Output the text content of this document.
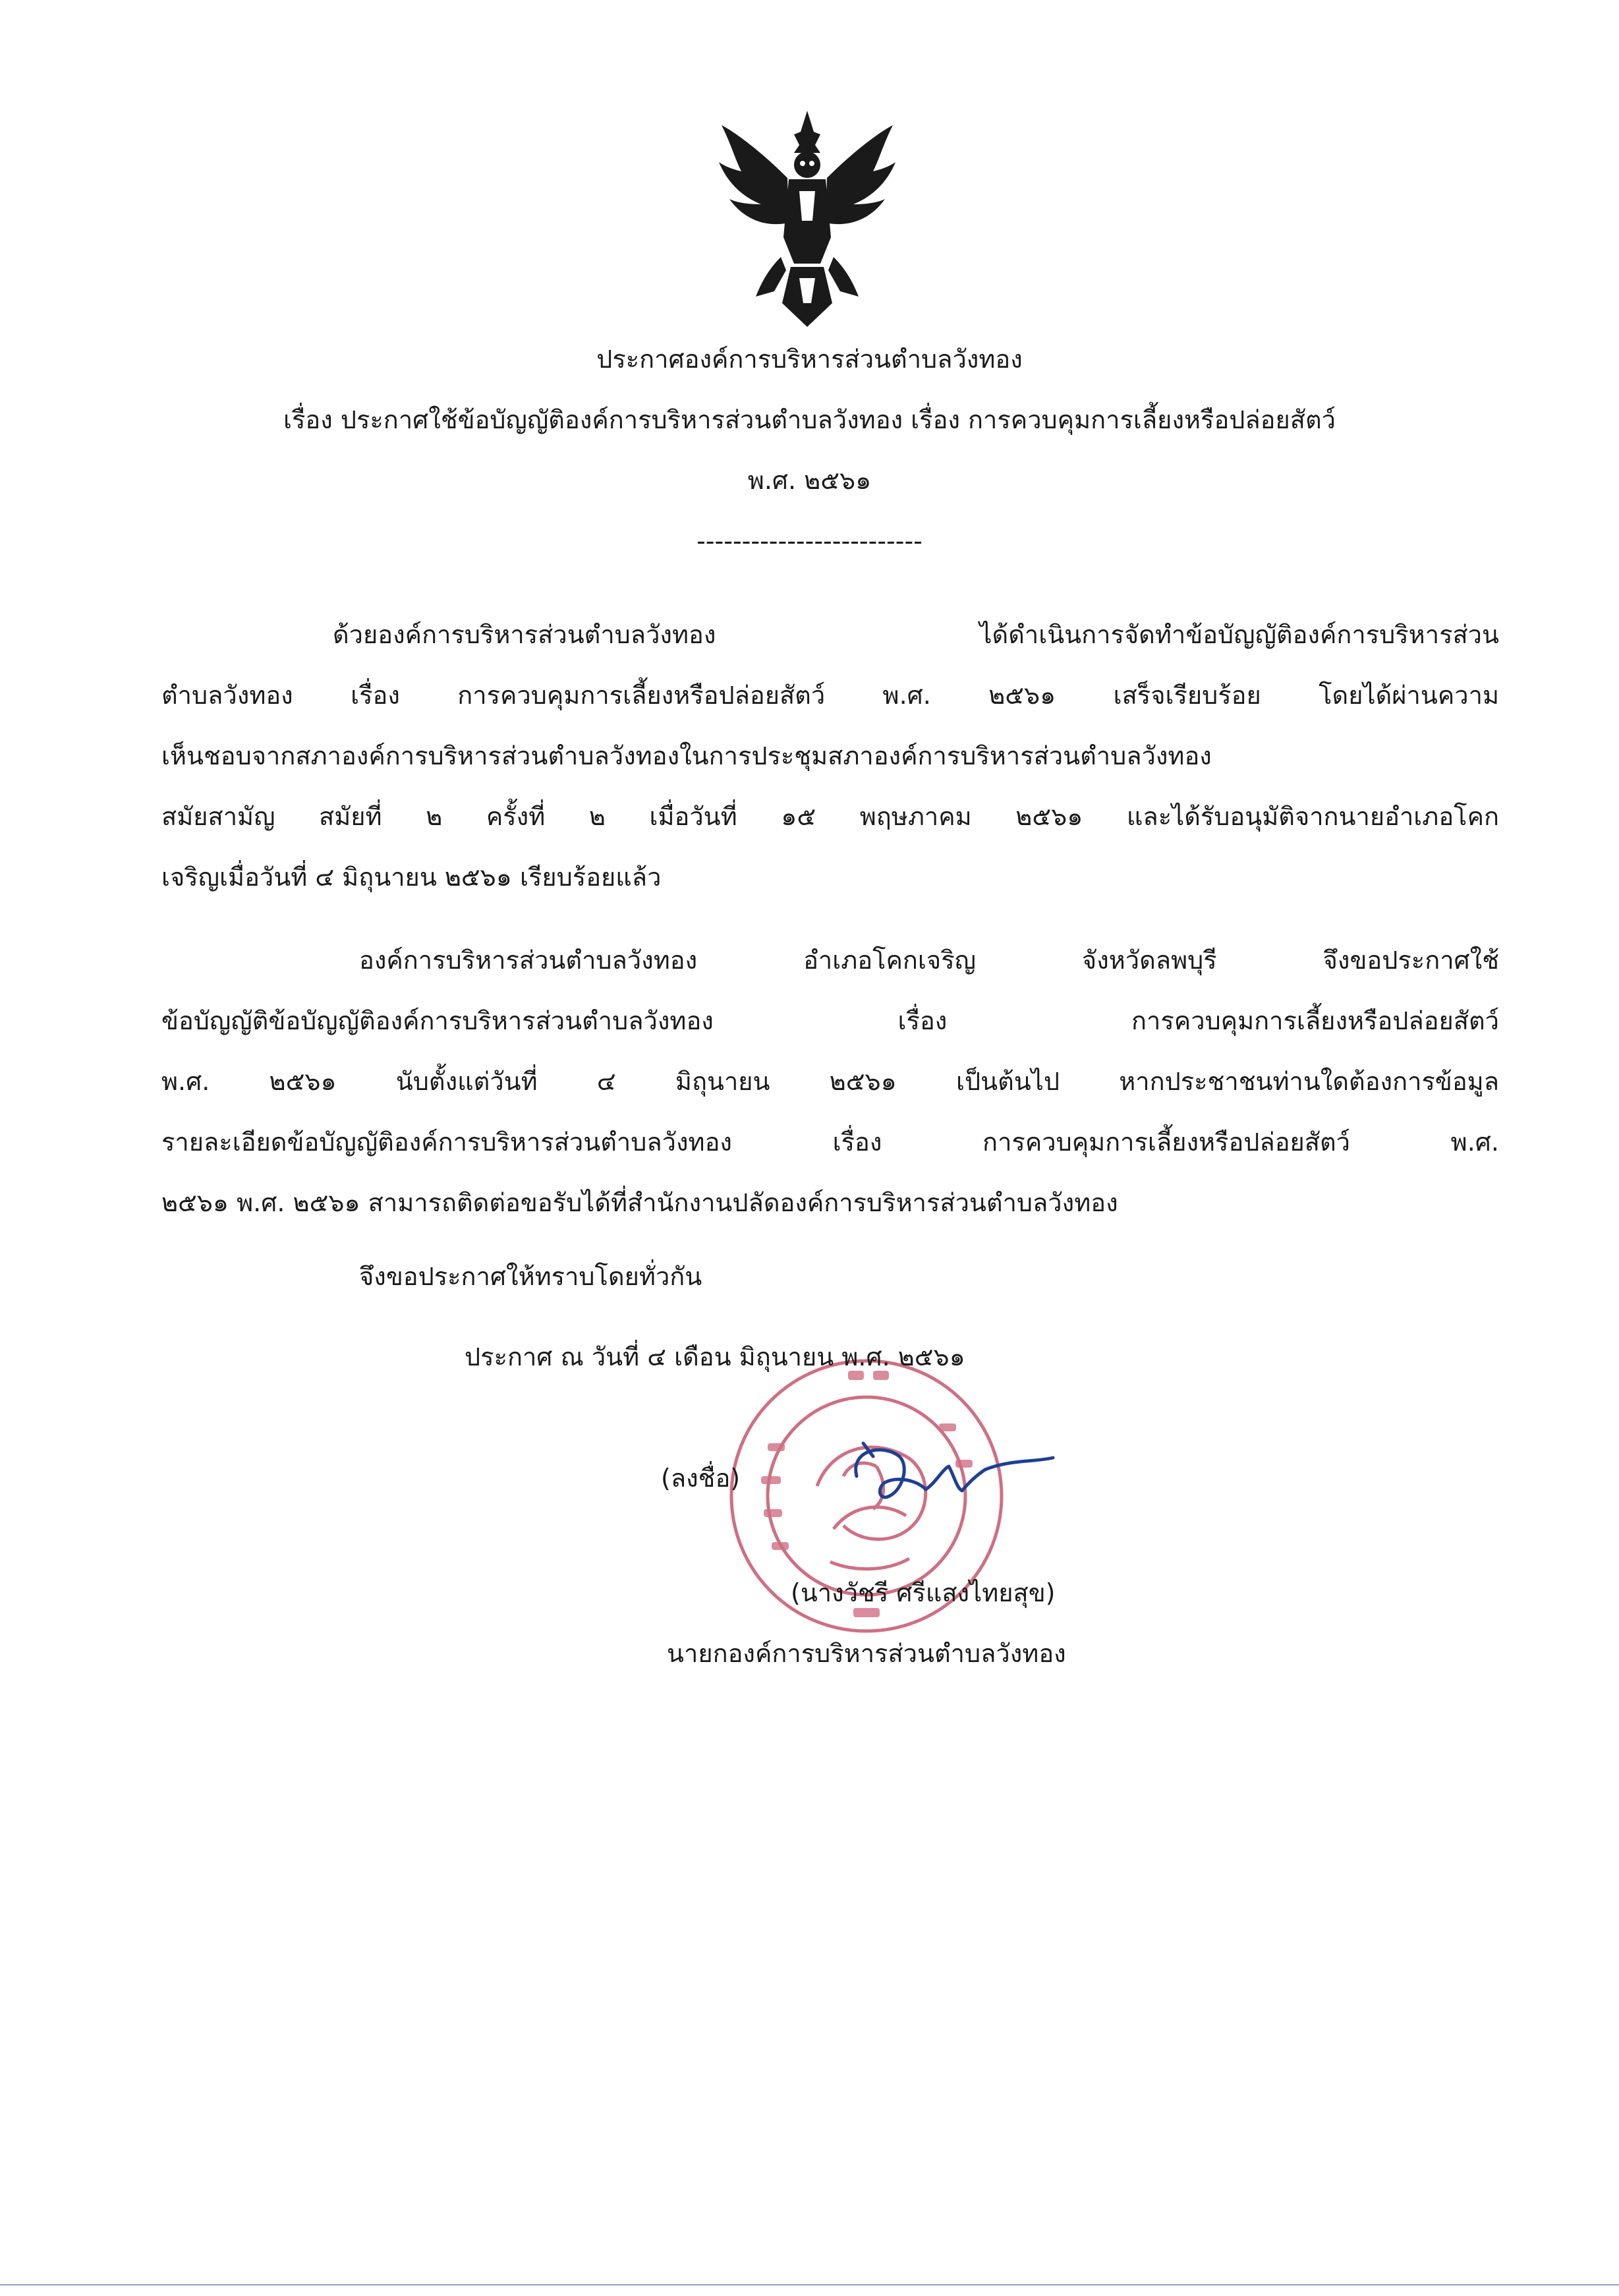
ประกาศองค์การบริหารส่วนตำบลวังทอง
เรื่อง ประกาศใช้ข้อบัญญัติองค์การบริหารส่วนตำบลวังทอง เรื่อง การควบคุมการเลี้ยงหรือปล่อยสัตว์
พ.ศ. ๒๕๖๑
-------------------------
ด้วยองค์การบริหารส่วนตำบลวังทอง ได้ดำเนินการจัดทำข้อบัญญัติองค์การบริหารส่วน
ตำบลวังทอง เรื่อง การควบคุมการเลี้ยงหรือปล่อยสัตว์ พ.ศ. ๒๕๖๑ เสร็จเรียบร้อย โดยได้ผ่านความ
เห็นชอบจากสภาองค์การบริหารส่วนตำบลวังทองในการประชุมสภาองค์การบริหารส่วนตำบลวังทอง
สมัยสามัญ สมัยที่ ๒ ครั้งที่ ๒ เมื่อวันที่ ๑๕ พฤษภาคม ๒๕๖๑ และได้รับอนุมัติจากนายอำเภอโคก
เจริญเมื่อวันที่ ๔ มิถุนายน ๒๕๖๑ เรียบร้อยแล้ว
องค์การบริหารส่วนตำบลวังทอง อำเภอโคกเจริญ จังหวัดลพบุรี จึงขอประกาศใช้
ข้อบัญญัติข้อบัญญัติองค์การบริหารส่วนตำบลวังทอง เรื่อง การควบคุมการเลี้ยงหรือปล่อยสัตว์
พ.ศ. ๒๕๖๑ นับตั้งแต่วันที่ ๔ มิถุนายน ๒๕๖๑ เป็นต้นไป หากประชาชนท่านใดต้องการข้อมูล
รายละเอียดข้อบัญญัติองค์การบริหารส่วนตำบลวังทอง เรื่อง การควบคุมการเลี้ยงหรือปล่อยสัตว์ พ.ศ.
๒๕๖๑ พ.ศ. ๒๕๖๑ สามารถติดต่อขอรับได้ที่สำนักงานปลัดองค์การบริหารส่วนตำบลวังทอง
จึงขอประกาศให้ทราบโดยทั่วกัน
ประกาศ ณ วันที่ ๔ เดือน มิถุนายน พ.ศ. ๒๕๖๑
(ลงชื่อ)
(นางวัชรี ศรีแสงไทยสุข)
นายกองค์การบริหารส่วนตำบลวังทอง
